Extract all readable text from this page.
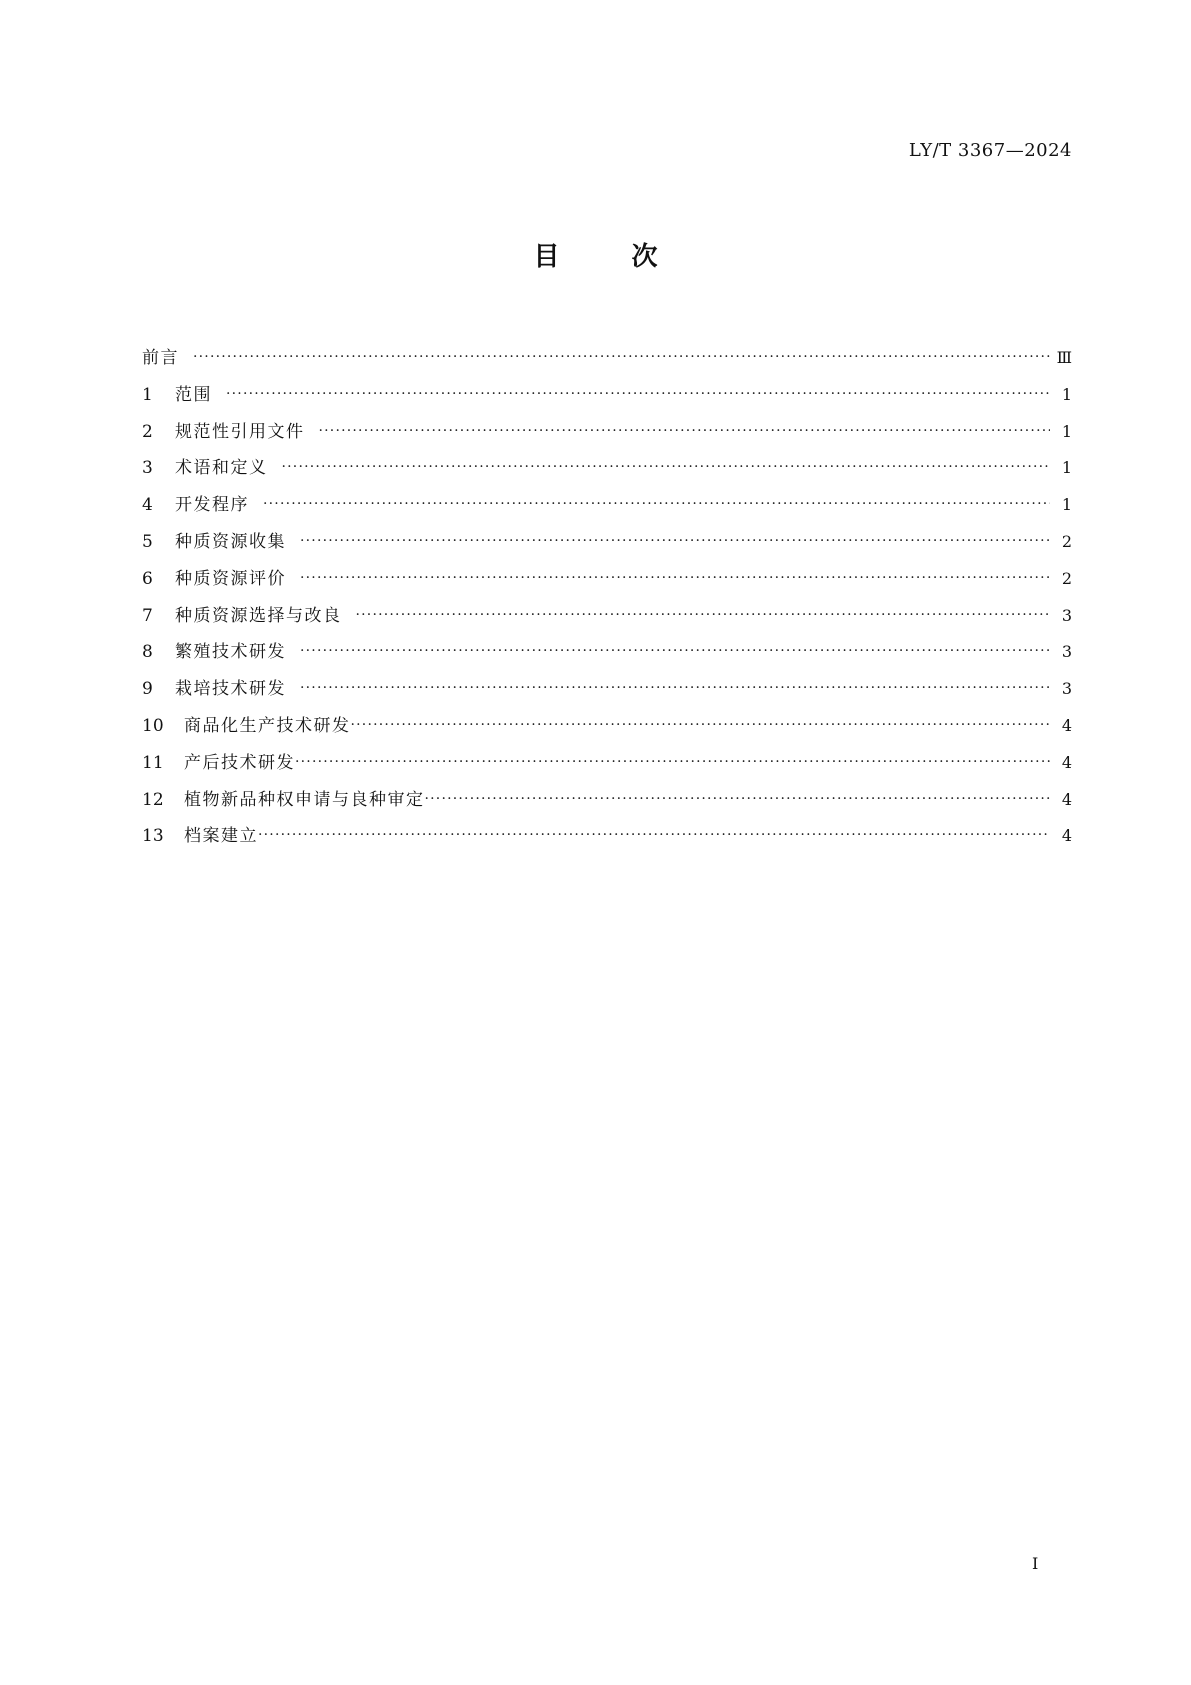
LY/T 3367—2024
目	次
前言 ·····	Ⅲ
1	范围 ·····	1
2	规范性引用文件 ·····	1
3	术语和定义 ·····	1
4	开发程序 ·····	1
5	种质资源收集 ·····	2
6	种质资源评价 ·····	2
7	种质资源选择与改良 ·····	3
8	繁殖技术研发 ·····	3
9	栽培技术研发 ·····	3
10	商品化生产技术研发 ·····	4
11	产后技术研发 ·····	4
12	植物新品种权申请与良种审定 ·····	4
13	档案建立 ·····	4
Ⅰ
